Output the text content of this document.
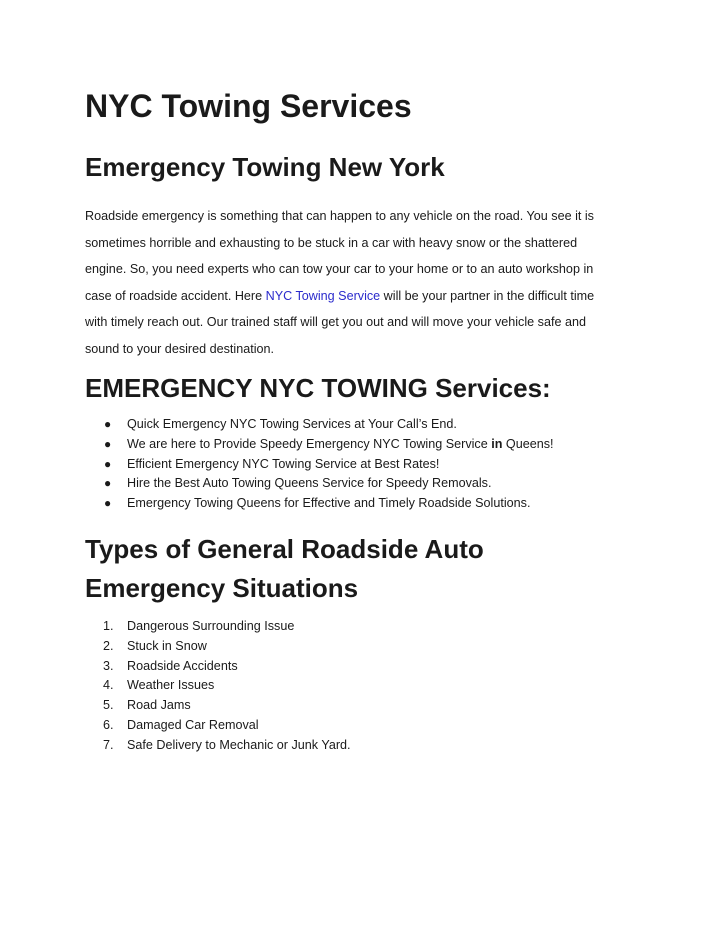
NYC Towing Services
Emergency Towing New York

Roadside emergency is something that can happen to any vehicle on the road. You see it is
sometimes horrible and exhausting to be stuck in a car with heavy snow or the shattered
engine. So, you need experts who can tow your car to your home or to an auto workshop in
case of roadside accident. Here NYC Towing Service will be your partner in the difficult time
with timely reach out. Our trained staff will get you out and will move your vehicle safe and
sound to your desired destination.

EMERGENCY NYC TOWING Services:
● Quick Emergency NYC Towing Services at Your Call’s End.
● We are here to Provide Speedy Emergency NYC Towing Service in Queens!
● Efficient Emergency NYC Towing Service at Best Rates!
● Hire the Best Auto Towing Queens Service for Speedy Removals.
● Emergency Towing Queens for Effective and Timely Roadside Solutions.
Types of General Roadside Auto
Emergency Situations
1. Dangerous Surrounding Issue
2. Stuck in Snow
3. Roadside Accidents
4. Weather Issues
5. Road Jams
6. Damaged Car Removal
7. Safe Delivery to Mechanic or Junk Yard.
